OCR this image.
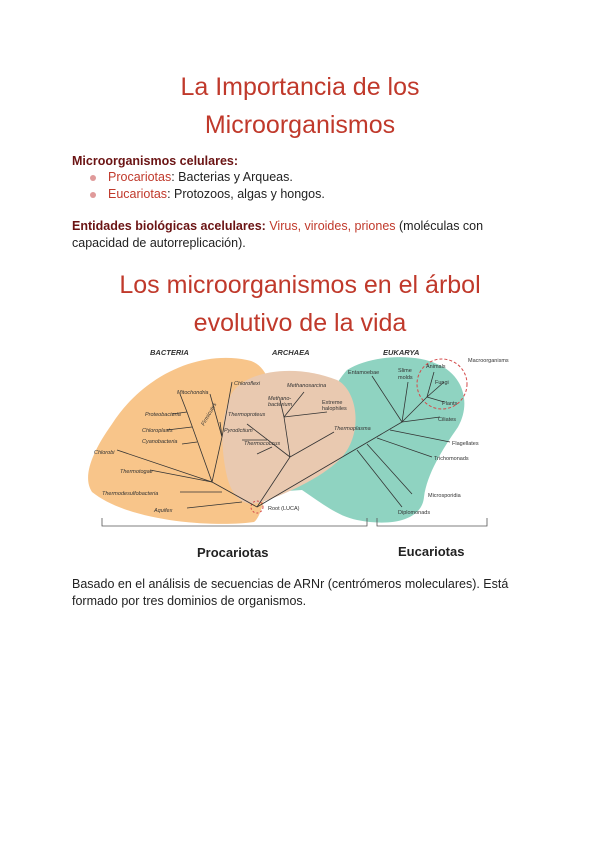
La Importancia de los
Microorganismos
Microorganismos celulares:
Procariotas: Bacterias y Arqueas.
Eucariotas: Protozoos, algas y hongos.
Entidades biológicas acelulares: Virus, viroides, priones (moléculas con
capacidad de autorreplicación).
Los microorganismos en el árbol
evolutivo de la vida
BACTERIA	ARCHAEA	EUKARYA
Chloroflexi
Mitochondria
Proteobacteria	Firmicutes
Chloroplasts
Cyanobacteria
Chlorobi
Thermotogae
Thermodesulfobacteria
Aquifex
Methanosarcina
Methano-
bacterium	Extreme
halophiles
Thermoproteus
Pyrodictium
Thermococcus
Thermoplasma
Entamoebae	Slime
molds
Animals
Fungi
Plants
Ciliates
Flagellates
Trichomonads
Microsporidia
Diplomonads
Macroorganisms
Root (LUCA)
Procariotas	Eucariotas
Basado en el análisis de secuencias de ARNr (centrómeros moleculares). Está
formado por tres dominios de organismos.
